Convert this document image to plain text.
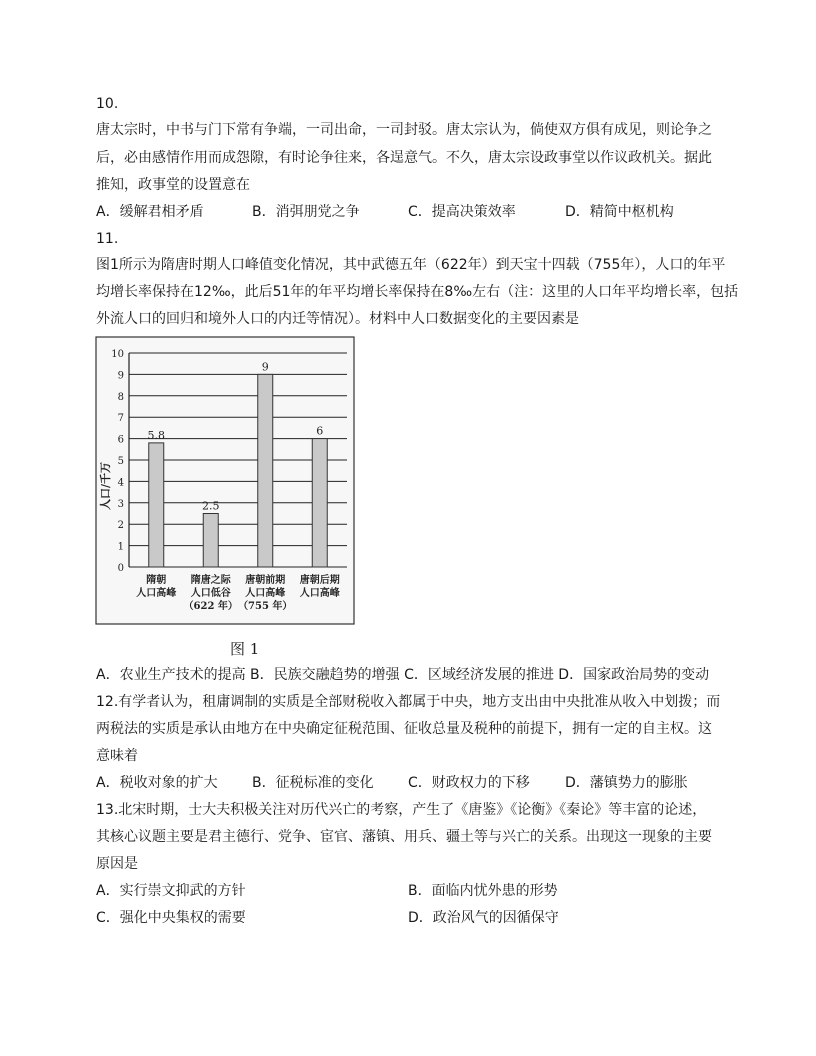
10.
唐太宗时，中书与门下常有争端，一司出命，一司封驳。唐太宗认为，倘使双方俱有成见，则论争之
后，必由感情作用而成怨隙，有时论争往来，各逞意气。不久，唐太宗设政事堂以作议政机关。据此
推知，政事堂的设置意在
A．缓解君相矛盾	B．消弭朋党之争	C．提高决策效率	D．精简中枢机构
11.
图1所示为隋唐时期人口峰值变化情况，其中武德五年（622年）到天宝十四载（755年），人口的年平
均增长率保持在12‰，此后51年的年平均增长率保持在8‰左右（注：这里的人口年平均增长率，包括
外流人口的回归和境外人口的内迁等情况）。材料中人口数据变化的主要因素是
0
1
2
3
4
5
6
7
8
9
10
5.8
隋朝
人口高峰
2.5
隋唐之际
人口低谷
（622 年）
9
唐朝前期
人口高峰
（755 年）
6
唐朝后期
人口高峰
人口/千万
图 1
A．农业生产技术的提高 B．民族交融趋势的增强 C．区域经济发展的推进 D．国家政治局势的变动
12.有学者认为，租庸调制的实质是全部财税收入都属于中央，地方支出由中央批准从收入中划拨；而
两税法的实质是承认由地方在中央确定征税范围、征收总量及税种的前提下，拥有一定的自主权。这
意味着
A．税收对象的扩大 B．征税标准的变化 C．财政权力的下移	D．藩镇势力的膨胀
13.北宋时期，士大夫积极关注对历代兴亡的考察，产生了《唐鉴》《论衡》《秦论》等丰富的论述，
其核心议题主要是君主德行、党争、宦官、藩镇、用兵、疆土等与兴亡的关系。出现这一现象的主要
原因是
A．实行崇文抑武的方针	B．面临内忧外患的形势
C．强化中央集权的需要	D．政治风气的因循保守
